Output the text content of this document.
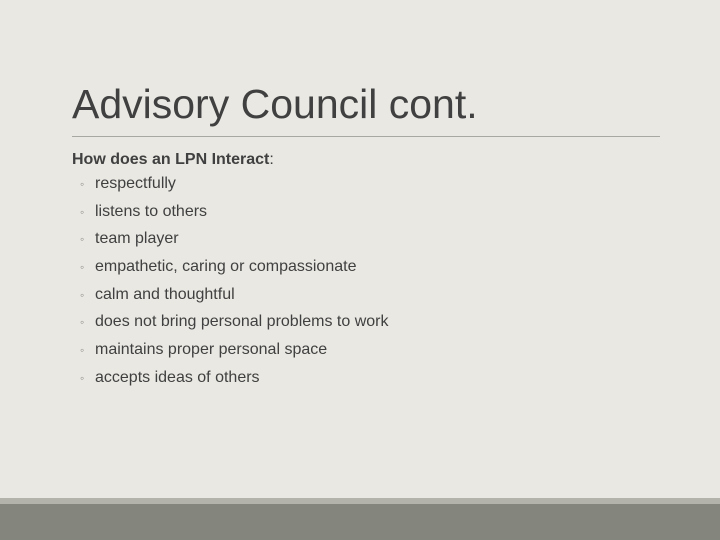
Advisory Council cont.
How does an LPN Interact:
◦ respectfully
◦ listens to others
◦ team player
◦ empathetic, caring or compassionate
◦ calm and thoughtful
◦ does not bring personal problems to work
◦ maintains proper personal space
◦ accepts ideas of others
